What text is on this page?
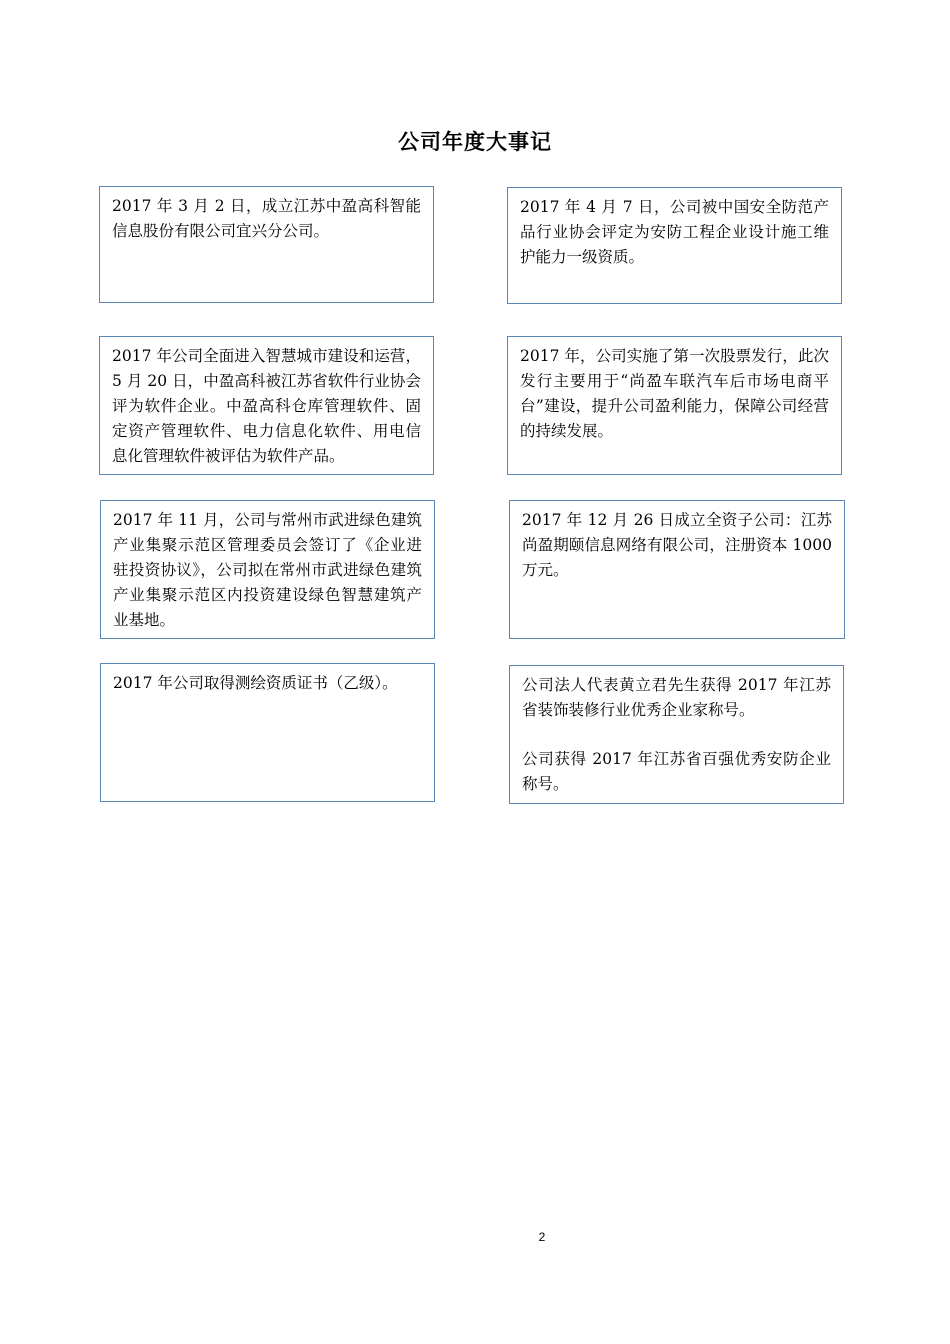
公司年度大事记

2017 年 3 月 2 日，成立江苏中盈高科智能信息股份有限公司宜兴分公司。

2017 年 4 月 7 日，公司被中国安全防范产品行业协会评定为安防工程企业设计施工维护能力一级资质。

2017 年公司全面进入智慧城市建设和运营，5 月 20 日，中盈高科被江苏省软件行业协会评为软件企业。中盈高科仓库管理软件、固定资产管理软件、电力信息化软件、用电信息化管理软件被评估为软件产品。

2017 年，公司实施了第一次股票发行，此次发行主要用于“尚盈车联汽车后市场电商平台”建设，提升公司盈利能力，保障公司经营的持续发展。

2017 年 11 月，公司与常州市武进绿色建筑产业集聚示范区管理委员会签订了《企业进驻投资协议》，公司拟在常州市武进绿色建筑产业集聚示范区内投资建设绿色智慧建筑产业基地。

2017 年 12 月 26 日成立全资子公司：江苏尚盈期颐信息网络有限公司，注册资本 1000 万元。

2017 年公司取得测绘资质证书（乙级）。	公司法人代表黄立君先生获得 2017 年江苏省装饰装修行业优秀企业家称号。

公司获得 2017 年江苏省百强优秀安防企业称号。

2
